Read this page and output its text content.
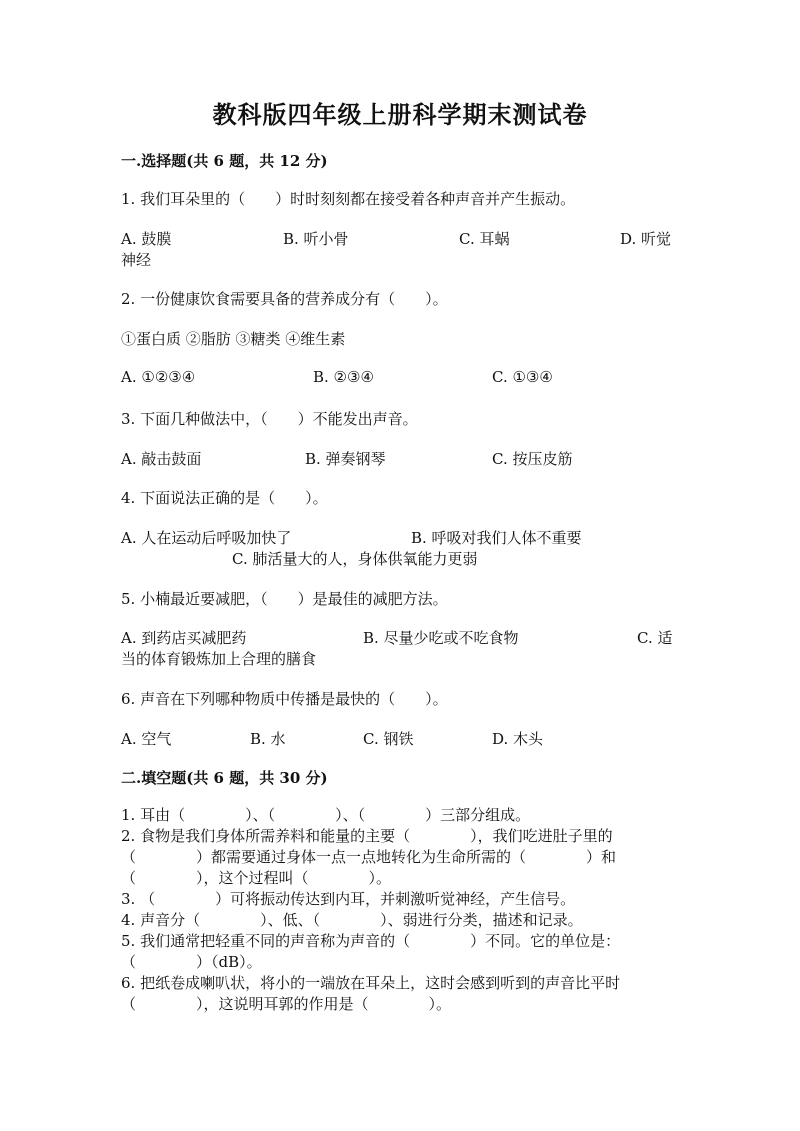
教科版四年级上册科学期末测试卷
一.选择题(共 6 题，共 12 分)
1. 我们耳朵里的（　　）时时刻刻都在接受着各种声音并产生振动。
A. 鼓膜	B. 听小骨	C. 耳蜗	D. 听觉
神经
2. 一份健康饮食需要具备的营养成分有（　　）。
①蛋白质 ②脂肪 ③糖类 ④维生素
A. ①②③④	B. ②③④	C. ①③④
3. 下面几种做法中，（　　）不能发出声音。
A. 敲击鼓面	B. 弹奏钢琴	C. 按压皮筋
4. 下面说法正确的是（　　）。
A. 人在运动后呼吸加快了	B. 呼吸对我们人体不重要
C. 肺活量大的人，身体供氧能力更弱
5. 小楠最近要减肥，（　　）是最佳的减肥方法。
A. 到药店买减肥药	B. 尽量少吃或不吃食物	C. 适
当的体育锻炼加上合理的膳食
6. 声音在下列哪种物质中传播是最快的（　　）。
A. 空气	B. 水	C. 钢铁	D. 木头
二.填空题(共 6 题，共 30 分)
1. 耳由（　　　　）、（　　　　）、（　　　　）三部分组成。
2. 食物是我们身体所需养料和能量的主要（　　　　），我们吃进肚子里的
（　　　　）都需要通过身体一点一点地转化为生命所需的（　　　　）和
（　　　　），这个过程叫（　　　　）。
3. （　　　　）可将振动传达到内耳，并刺激听觉神经，产生信号。
4. 声音分（　　　　）、低、（　　　　）、弱进行分类，描述和记录。
5. 我们通常把轻重不同的声音称为声音的（　　　　）不同。它的单位是：
（　　　　）（dB）。
6. 把纸卷成喇叭状，将小的一端放在耳朵上，这时会感到听到的声音比平时
（　　　　），这说明耳郭的作用是（　　　　）。
